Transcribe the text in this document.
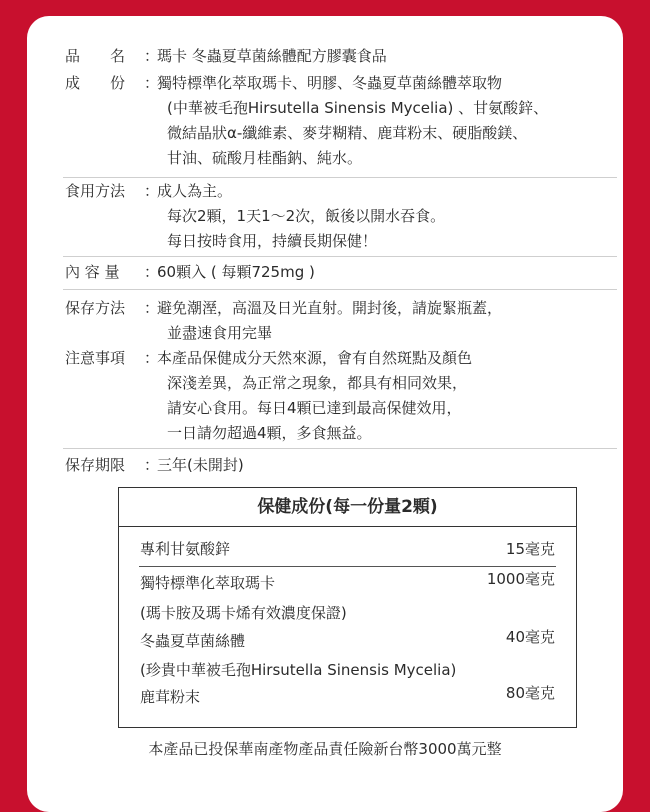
品　　名 ：
瑪卡 冬蟲夏草菌絲體配方膠囊食品
成　　份 ：
獨特標準化萃取瑪卡、明膠、冬蟲夏草菌絲體萃取物
(中華被毛孢Hirsutella Sinensis Mycelia) 、甘氨酸鋅、
微結晶狀α-纖維素、麥芽糊精、鹿茸粉末、硬脂酸鎂、
甘油、硫酸月桂酯鈉、純水。
食用方法 ：
成人為主。
每次2顆，1天1～2次，飯後以開水吞食。
每日按時食用，持續長期保健！
內 容 量 ：
60顆入 ( 每顆725mg )
保存方法 ：
避免潮溼，高溫及日光直射。開封後，請旋緊瓶蓋，
並盡速食用完畢
注意事項 ：
本產品保健成分天然來源，會有自然斑點及顏色
深淺差異，為正常之現象，都具有相同效果，
請安心食用。每日4顆已達到最高保健效用，
一日請勿超過4顆，多食無益。
保存期限 ：
三年(未開封)
保健成份(每一份量2顆)
專利甘氨酸鋅	15毫克
獨特標準化萃取瑪卡	1000毫克
(瑪卡胺及瑪卡烯有效濃度保證)
冬蟲夏草菌絲體	40毫克
(珍貴中華被毛孢Hirsutella Sinensis Mycelia)
鹿茸粉末	80毫克
本產品已投保華南產物產品責任險新台幣3000萬元整
